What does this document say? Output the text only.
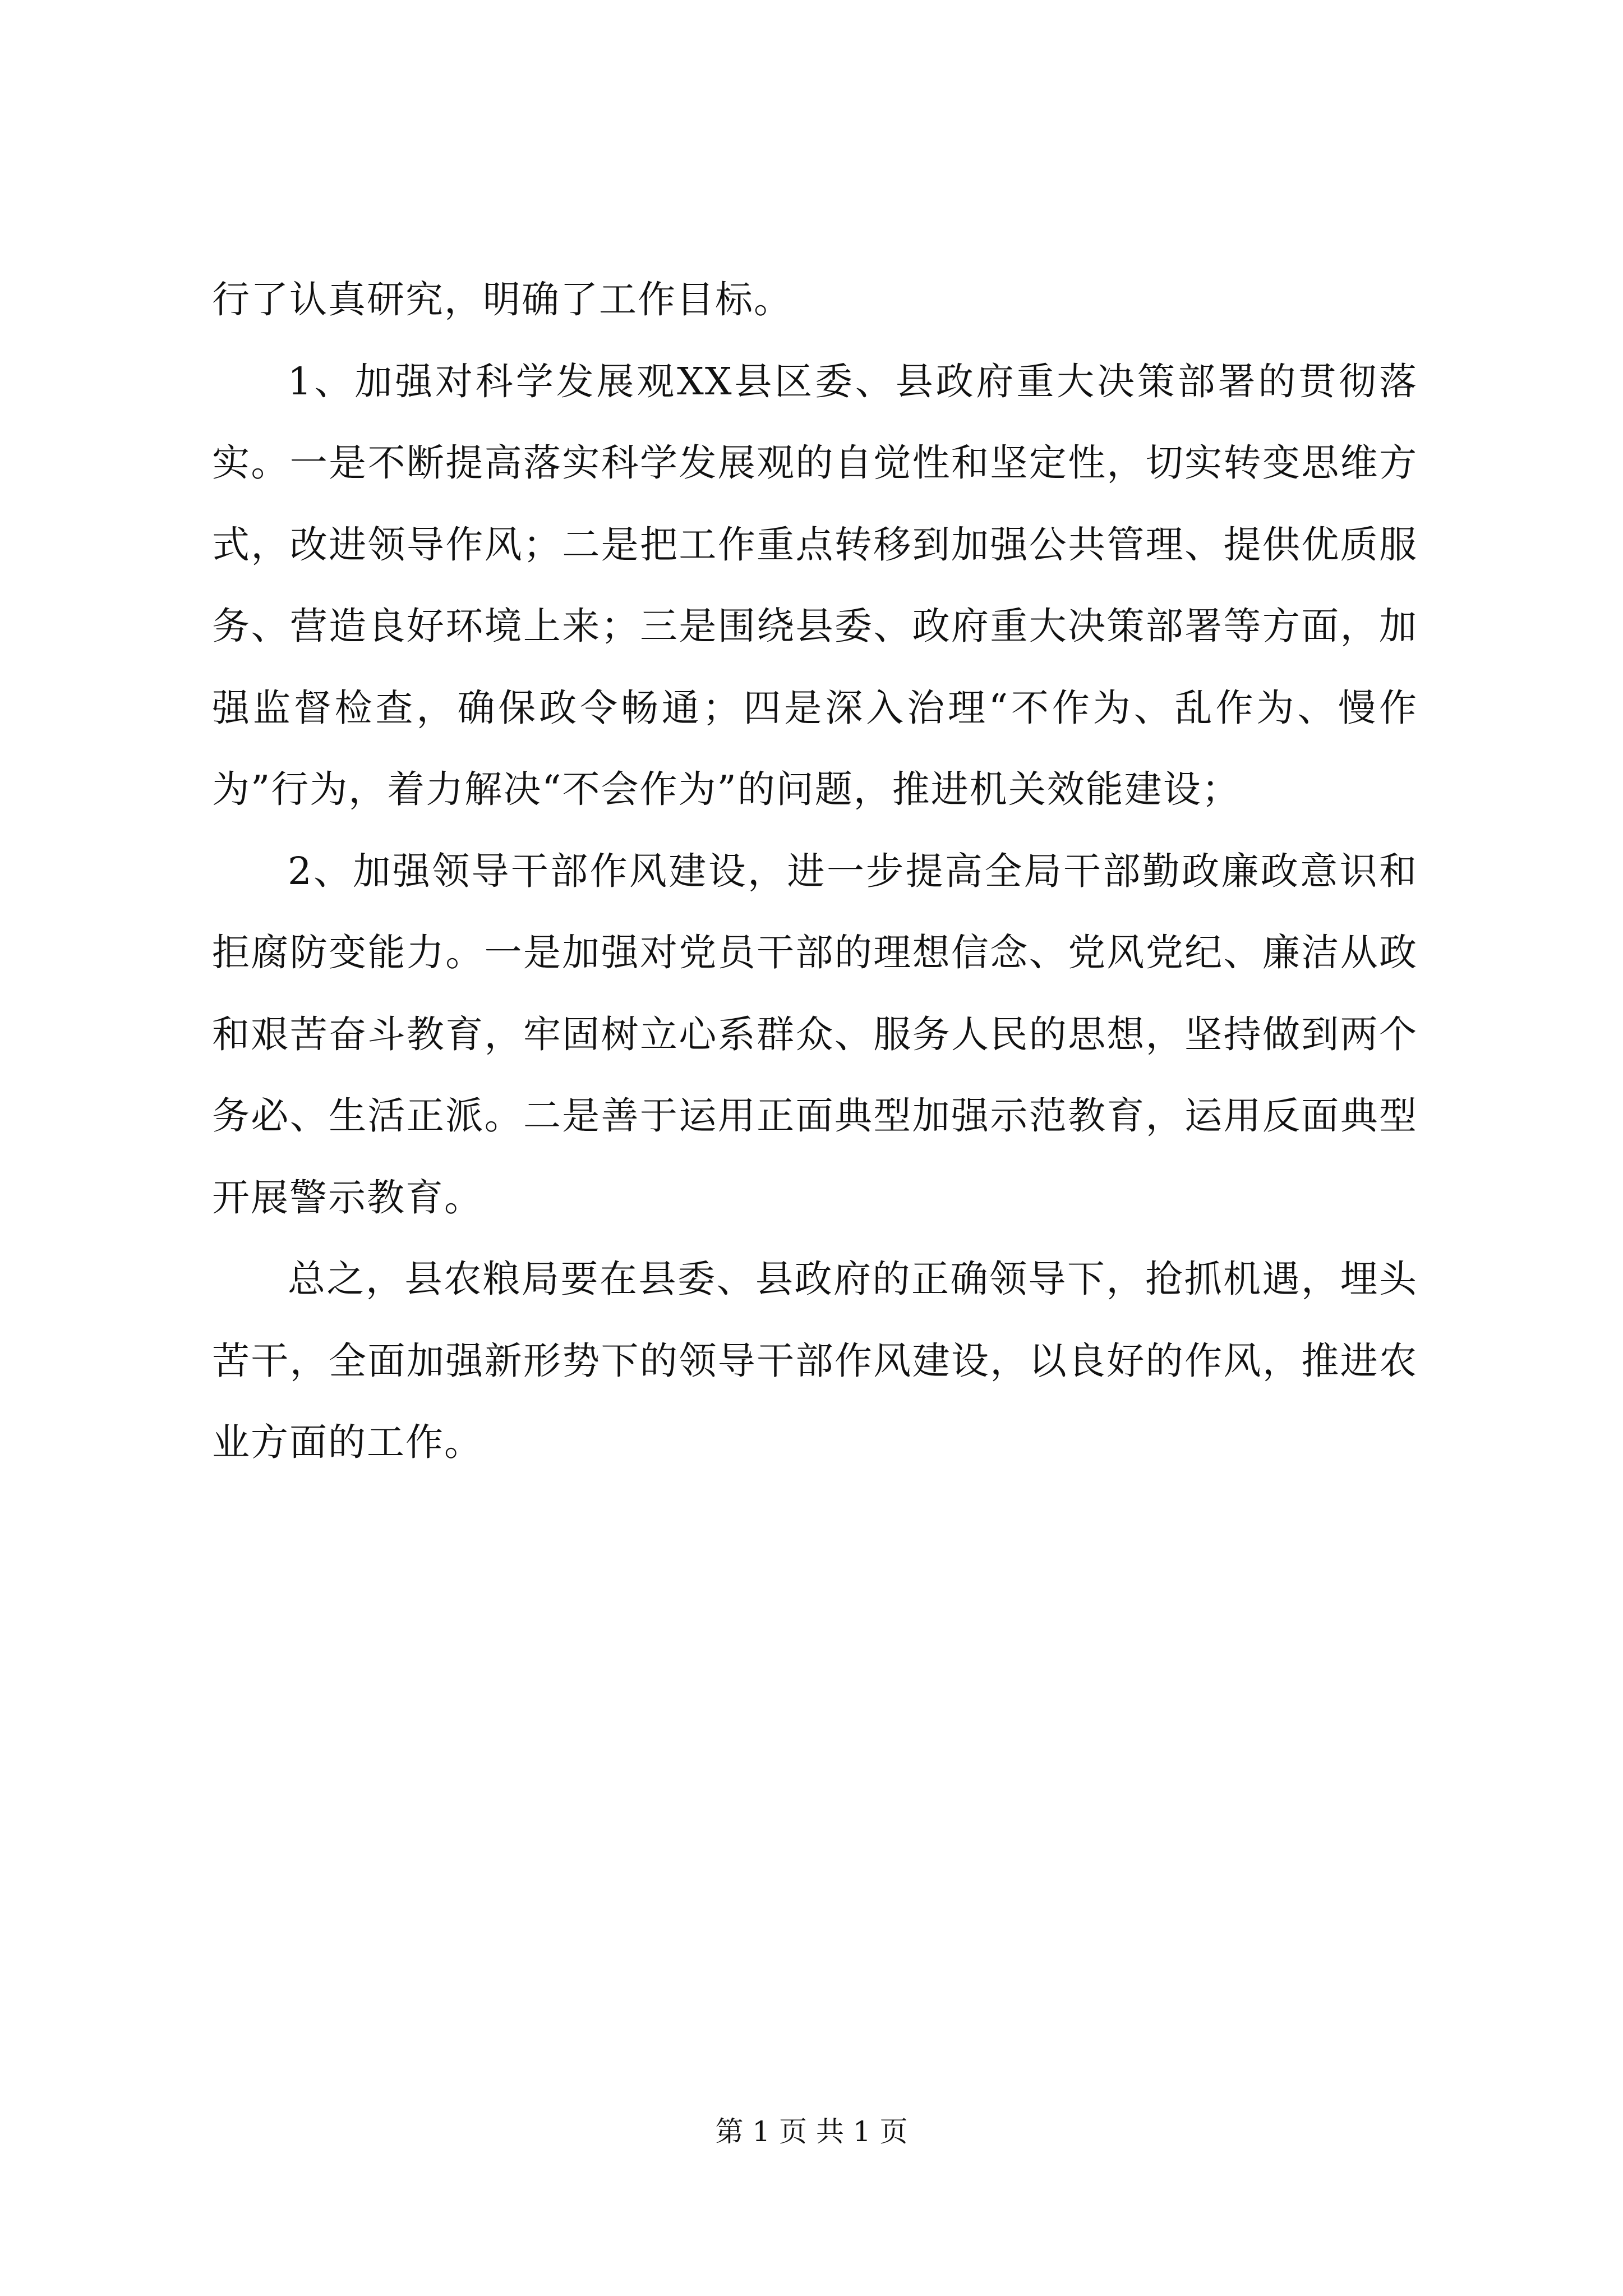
行了认真研究，明确了工作目标。

1、加强对科学发展观XX县区委、县政府重大决策部署的贯彻落实。一是不断提高落实科学发展观的自觉性和坚定性，切实转变思维方式，改进领导作风；二是把工作重点转移到加强公共管理、提供优质服务、营造良好环境上来；三是围绕县委、政府重大决策部署等方面，加强监督检查，确保政令畅通；四是深入治理“不作为、乱作为、慢作为”行为，着力解决“不会作为”的问题，推进机关效能建设；

2、加强领导干部作风建设，进一步提高全局干部勤政廉政意识和拒腐防变能力。一是加强对党员干部的理想信念、党风党纪、廉洁从政和艰苦奋斗教育，牢固树立心系群众、服务人民的思想，坚持做到两个务必、生活正派。二是善于运用正面典型加强示范教育，运用反面典型开展警示教育。

总之，县农粮局要在县委、县政府的正确领导下，抢抓机遇，埋头苦干，全面加强新形势下的领导干部作风建设，以良好的作风，推进农业方面的工作。

第 1 页 共 1 页
